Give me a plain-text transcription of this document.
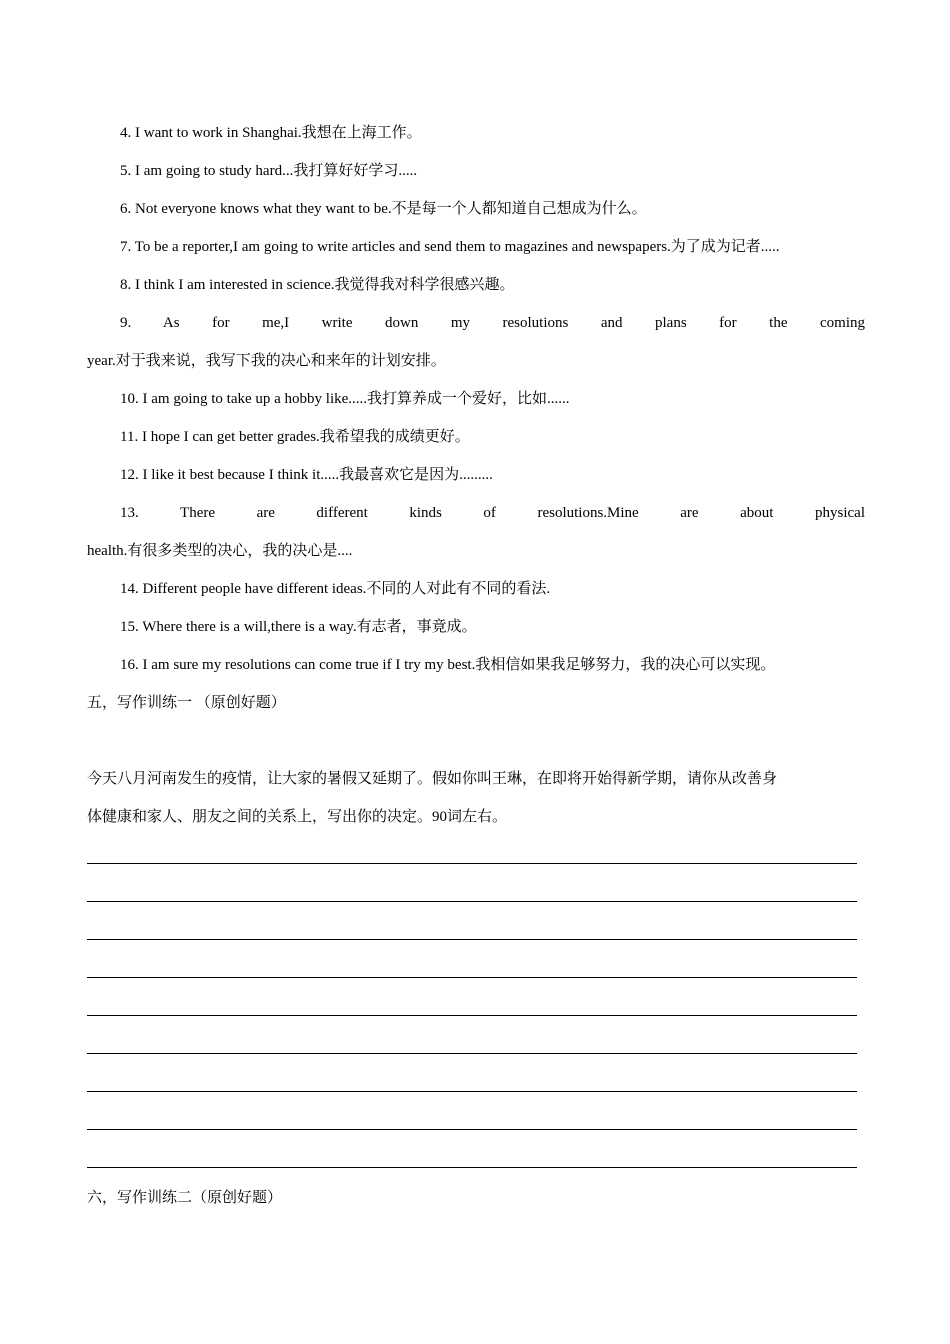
4. I want to work in Shanghai.我想在上海工作。
5. I am going to study hard...我打算好好学习.....
6. Not everyone knows what they want to be.不是每一个人都知道自己想成为什么。
7. To be a reporter,I am going to write articles and send them to magazines and newspapers.为了成为记者.....
8. I think I am interested in science.我觉得我对科学很感兴趣。
9. As for me,I write down my resolutions and plans for the coming
year.对于我来说，我写下我的决心和来年的计划安排。
10. I am going to take up a hobby like.....我打算养成一个爱好，比如......
11. I hope I can get better grades.我希望我的成绩更好。
12. I like it best because I think it.....我最喜欢它是因为.........
13. There are different kinds of resolutions.Mine are about physical
health.有很多类型的决心，我的决心是....
14. Different people have different ideas.不同的人对此有不同的看法.
15. Where there is a will,there is a way.有志者，事竟成。
16. I am sure my resolutions can come true if I try my best.我相信如果我足够努力，我的决心可以实现。
五，写作训练一 （原创好题）
今天八月河南发生的疫情，让大家的暑假又延期了。假如你叫王琳，在即将开始得新学期，请你从改善身
体健康和家人、朋友之间的关系上，写出你的决定。90词左右。
六，写作训练二（原创好题）
